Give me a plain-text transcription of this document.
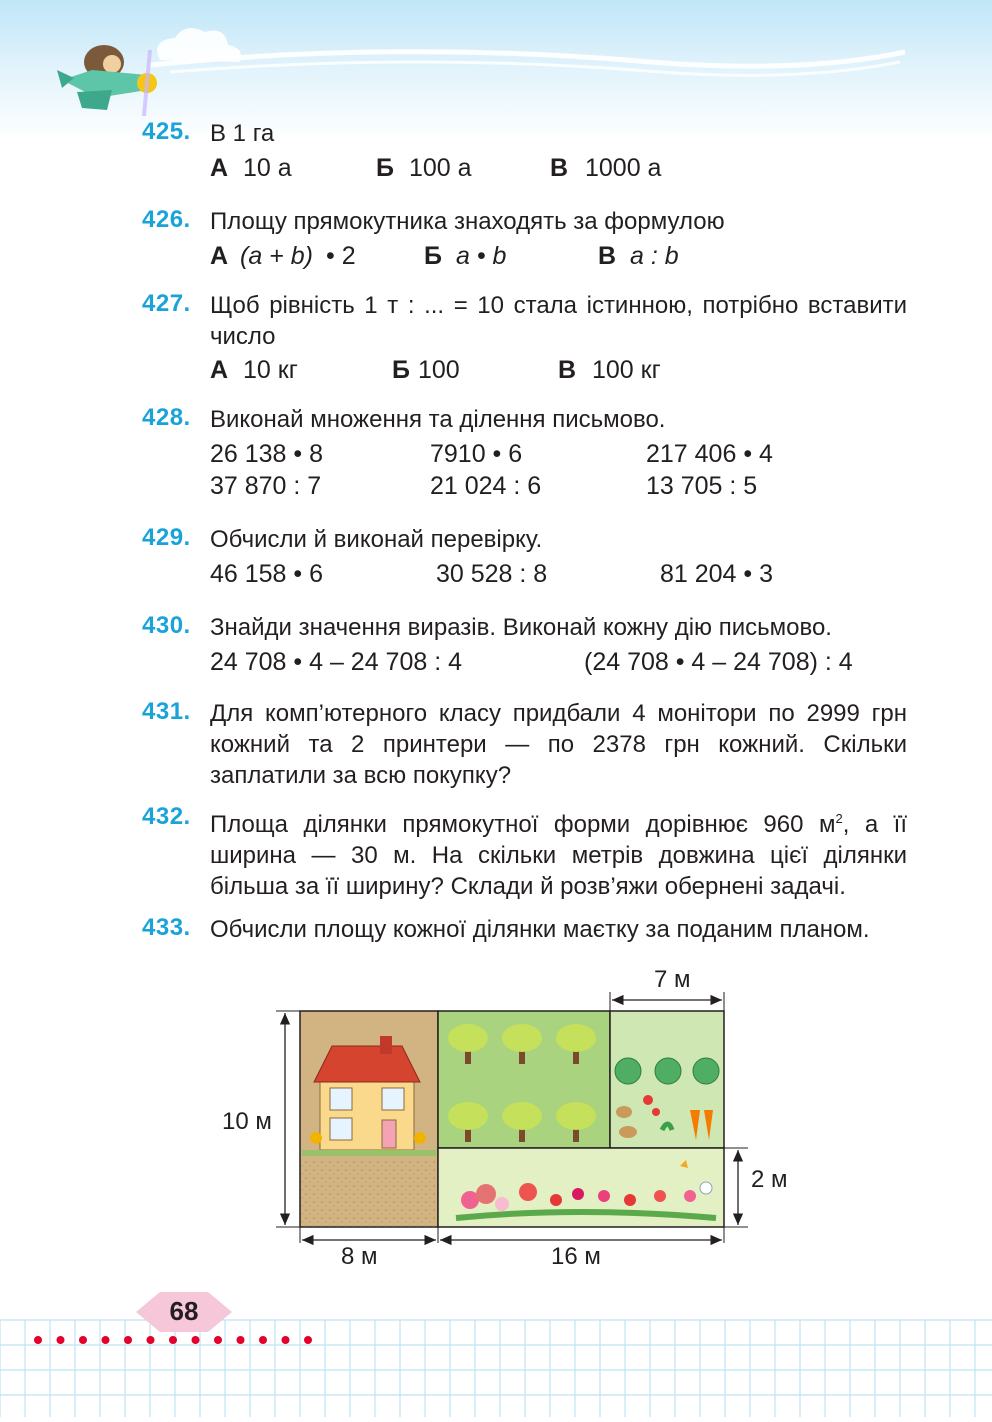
425. В 1 га
А 10 а	Б 100 а	В 1000 а
426. Площу прямокутника знаходять за формулою
А (a + b) • 2	Б a • b	В a : b
427. Щоб рівність 1 т : ... = 10 стала істинною, потрібно вставити число
А 10 кг	Б 100	В 100 кг
428. Виконай множення та ділення письмово.
26 138 • 8	7910 • 6	217 406 • 4
37 870 : 7	21 024 : 6	13 705 : 5
429. Обчисли й виконай перевірку.
46 158 • 6	30 528 : 8	81 204 • 3
430. Знайди значення виразів. Виконай кожну дію письмово.
24 708 • 4 – 24 708 : 4	(24 708 • 4 – 24 708) : 4
431. Для комп’ютерного класу придбали 4 монітори по 2999 грн кожний та 2 принтери — по 2378 грн кожний. Скільки заплатили за всю покупку?
432. Площа ділянки прямокутної форми дорівнює 960 $м^2$, а її ширина — 30 м. На скільки метрів довжина цієї ділянки більша за її ширину? Склади й розв’яжи обернені задачі.
433. Обчисли площу кожної ділянки маєтку за поданим планом.
7 м
10 м
2 м
8 м	16 м
68
